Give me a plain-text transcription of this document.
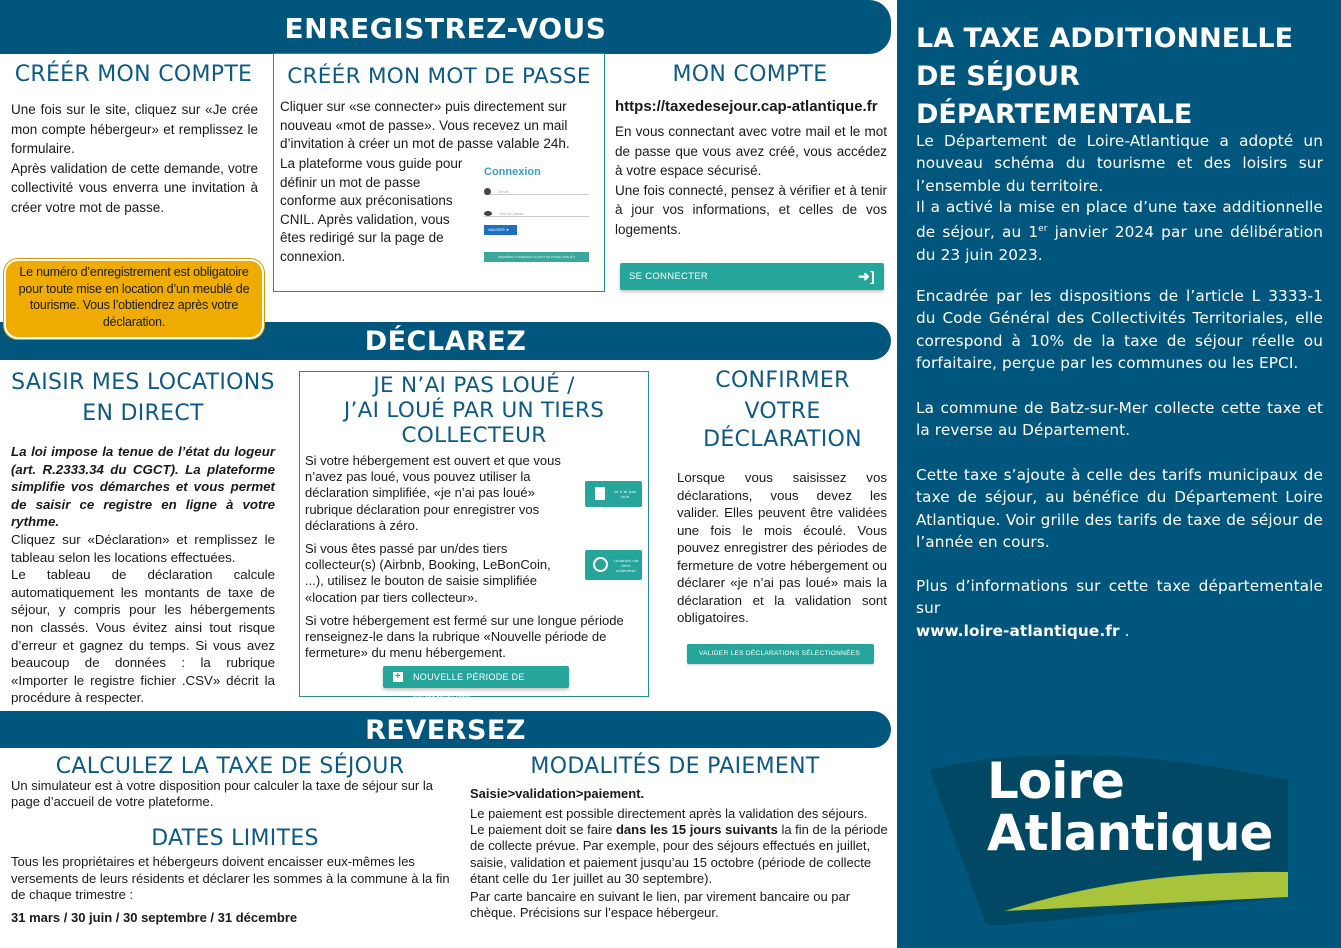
ENREGISTREZ-VOUS
CRÉÉR MON COMPTE

Une fois sur le site, cliquez sur «Je crée mon compte hébergeur» et remplissez le formulaire.

Après validation de cette demande, votre collectivité vous enverra une invitation à créer votre mot de passe.

Le numéro d’enregistrement est obligatoire pour toute mise en location d’un meublé de tourisme. Vous l’obtiendrez après votre déclaration.
CRÉÉR MON MOT DE PASSE
Cliquer sur «se connecter» puis directement sur nouveau «mot de passe». Vous recevez un mail d’invitation à créer un mot de passe valable 24h.
La plateforme vous guide pour définir un mot de passe conforme aux préconisations CNIL. Après validation, vous êtes redirigé sur la page de connexion.
Connexion
Email
Mot de passe
VALIDER ➤
PREMIÈRE CONNEXION OU MOT DE PASSE OUBLIÉ ?
MON COMPTE
https://taxedesejour.cap-atlantique.fr

En vous connectant avec votre mail et le mot de passe que vous avez créé, vous accédez à votre espace sécurisé.

Une fois connecté, pensez à vérifier et à tenir à jour vos informations, et celles de vos logements.

SE CONNECTER	➜]
DÉCLAREZ
SAISIR MES LOCATIONS
EN DIRECT

La loi impose la tenue de l’état du logeur (art. R.2333.34 du CGCT). La plateforme simplifie vos démarches et vous permet de saisir ce registre en ligne à votre rythme.

Cliquez sur «Déclaration» et remplissez le tableau selon les locations effectuées.

Le tableau de déclaration calcule automatiquement les montants de taxe de séjour, y compris pour les hébergements non classés. Vous évitez ainsi tout risque d’erreur et gagnez du temps. Si vous avez beaucoup de données : la rubrique «Importer le registre fichier .CSV» décrit la procédure à respecter.

JE N’AI PAS LOUÉ /
J’AI LOUÉ PAR UN TIERS
COLLECTEUR
Si votre hébergement est ouvert et que vous n’avez pas loué, vous pouvez utiliser la déclaration simplifiée, «je n’ai pas loué» rubrique déclaration pour enregistrer vos déclarations à zéro.
Si vous êtes passé par un/des tiers collecteur(s) (Airbnb, Booking, LeBonCoin, ...), utilisez le bouton de saisie simplifiée «location par tiers collecteur».
Si votre hébergement est fermé sur une longue période renseignez-le dans la rubrique «Nouvelle période de fermeture» du menu hébergement.
Je n’ai pas loué
Location via tiers collecteur
+ NOUVELLE PÉRIODE DE FERMETURE
CONFIRMER
VOTRE
DÉCLARATION
Lorsque vous saisissez vos déclarations, vous devez les valider. Elles peuvent être validées une fois le mois écoulé. Vous pouvez enregistrer des périodes de fermeture de votre hébergement ou déclarer «je n’ai pas loué» mais la déclaration et la validation sont obligatoires.
VALIDER LES DÉCLARATIONS SÉLECTIONNÉES ↓
REVERSEZ
CALCULEZ LA TAXE DE SÉJOUR
Un simulateur est à votre disposition pour calculer la taxe de séjour sur la page d’accueil de votre plateforme.
DATES LIMITES
Tous les propriétaires et hébergeurs doivent encaisser eux-mêmes les versements de leurs résidents et déclarer les sommes à la commune à la fin de chaque trimestre :
31 mars / 30 juin / 30 septembre / 31 décembre
MODALITÉS DE PAIEMENT
Saisie>validation>paiement.

Le paiement est possible directement après la validation des séjours.

Le paiement doit se faire dans les 15 jours suivants la fin de la période de collecte prévue. Par exemple, pour des séjours effectués en juillet, saisie, validation et paiement jusqu’au 15 octobre (période de collecte étant celle du 1er juillet au 30 septembre).

Par carte bancaire en suivant le lien, par virement bancaire ou par chèque. Précisions sur l’espace hébergeur.

LA TAXE ADDITIONNELLE DE SÉJOUR DÉPARTEMENTALE
Le Département de Loire-Atlantique a adopté un nouveau schéma du tourisme et des loisirs sur l’ensemble du territoire.
Il a activé la mise en place d’une taxe additionnelle de séjour, au 1er janvier 2024 par une délibération du 23 juin 2023.
Encadrée par les dispositions de l’article L 3333-1 du Code Général des Collectivités Territoriales, elle correspond à 10% de la taxe de séjour réelle ou forfaitaire, perçue par les communes ou les EPCI.
La commune de Batz-sur-Mer collecte cette taxe et la reverse au Département.
Cette taxe s’ajoute à celle des tarifs municipaux de taxe de séjour, au bénéfice du Département Loire Atlantique. Voir grille des tarifs de taxe de séjour de l’année en cours.
Plus d’informations sur cette taxe départementale sur
www.loire-atlantique.fr .
Loire
Atlantique
